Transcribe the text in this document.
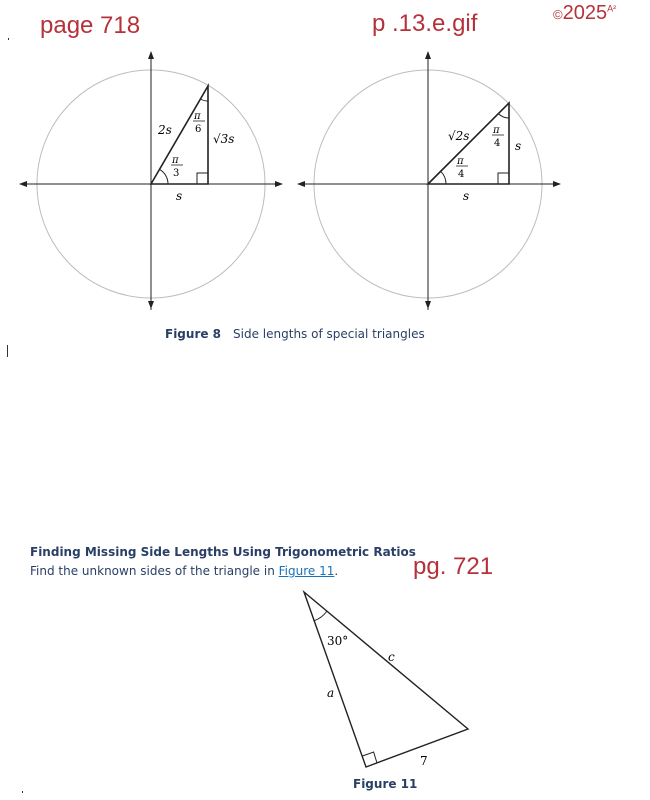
page 718	p .13.e.gif	$©2025^{A^2}$
2s
π
6
√3s
π
3
s
√2s π
4 s
π
4
s
Figure 8 Side lengths of special triangles
Finding Missing Side Lengths Using Trigonometric Ratios
Find the unknown sides of the triangle in Figure 11.	pg. 721
30°
c
a
7
Figure 11
